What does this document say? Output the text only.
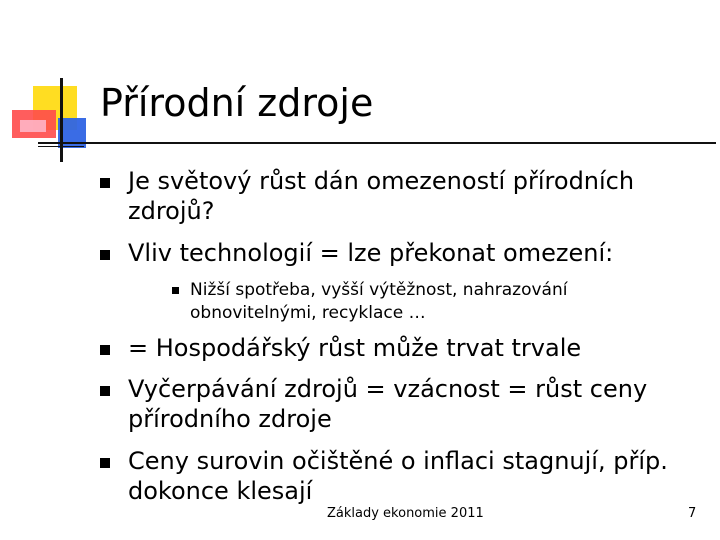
Přírodní zdroje
Je světový růst dán omezeností přírodních
zdrojů?
Vliv technologií = lze překonat omezení:
Nižší spotřeba, vyšší výtěžnost, nahrazování
obnovitelnými, recyklace …
= Hospodářský růst může trvat trvale
Vyčerpávání zdrojů = vzácnost = růst ceny
přírodního zdroje
Ceny surovin očištěné o inflaci stagnují, příp.
dokonce klesají
Základy ekonomie 2011	7
